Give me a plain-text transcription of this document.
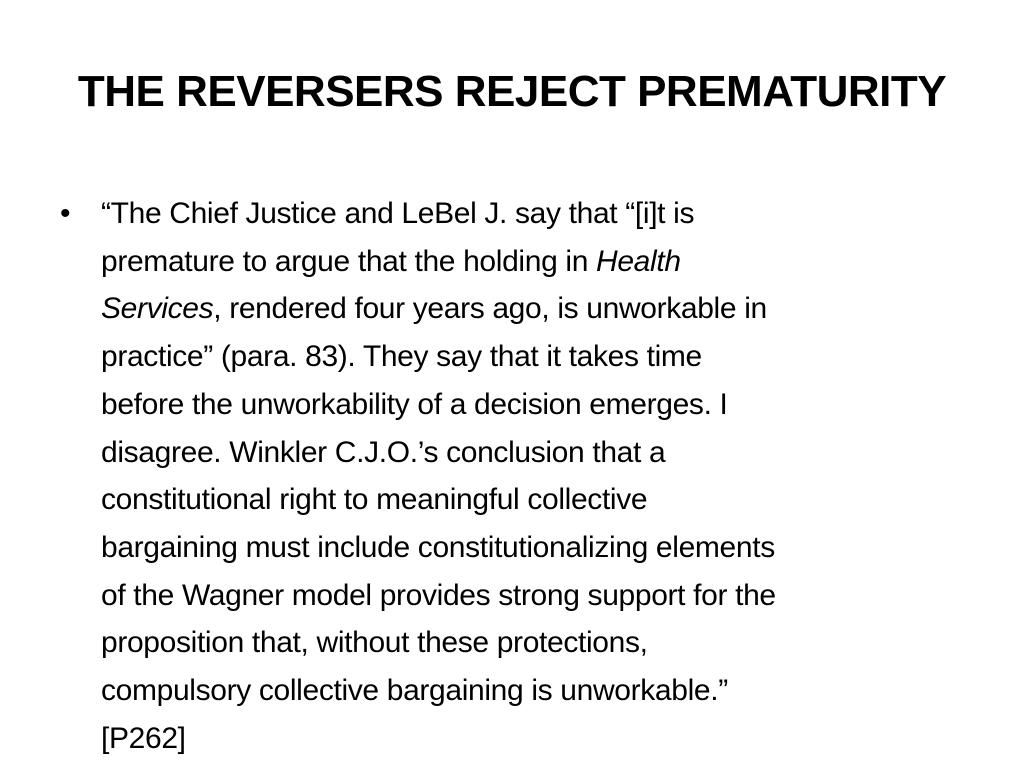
THE REVERSERS REJECT PREMATURITY
• “The Chief Justice and LeBel J. say that “[i]t is
premature to argue that the holding in Health
Services, rendered four years ago, is unworkable in
practice” (para. 83). They say that it takes time
before the unworkability of a decision emerges. I
disagree. Winkler C.J.O.’s conclusion that a
constitutional right to meaningful collective
bargaining must include constitutionalizing elements
of the Wagner model provides strong support for the
proposition that, without these protections,
compulsory collective bargaining is unworkable.”
[P262]
